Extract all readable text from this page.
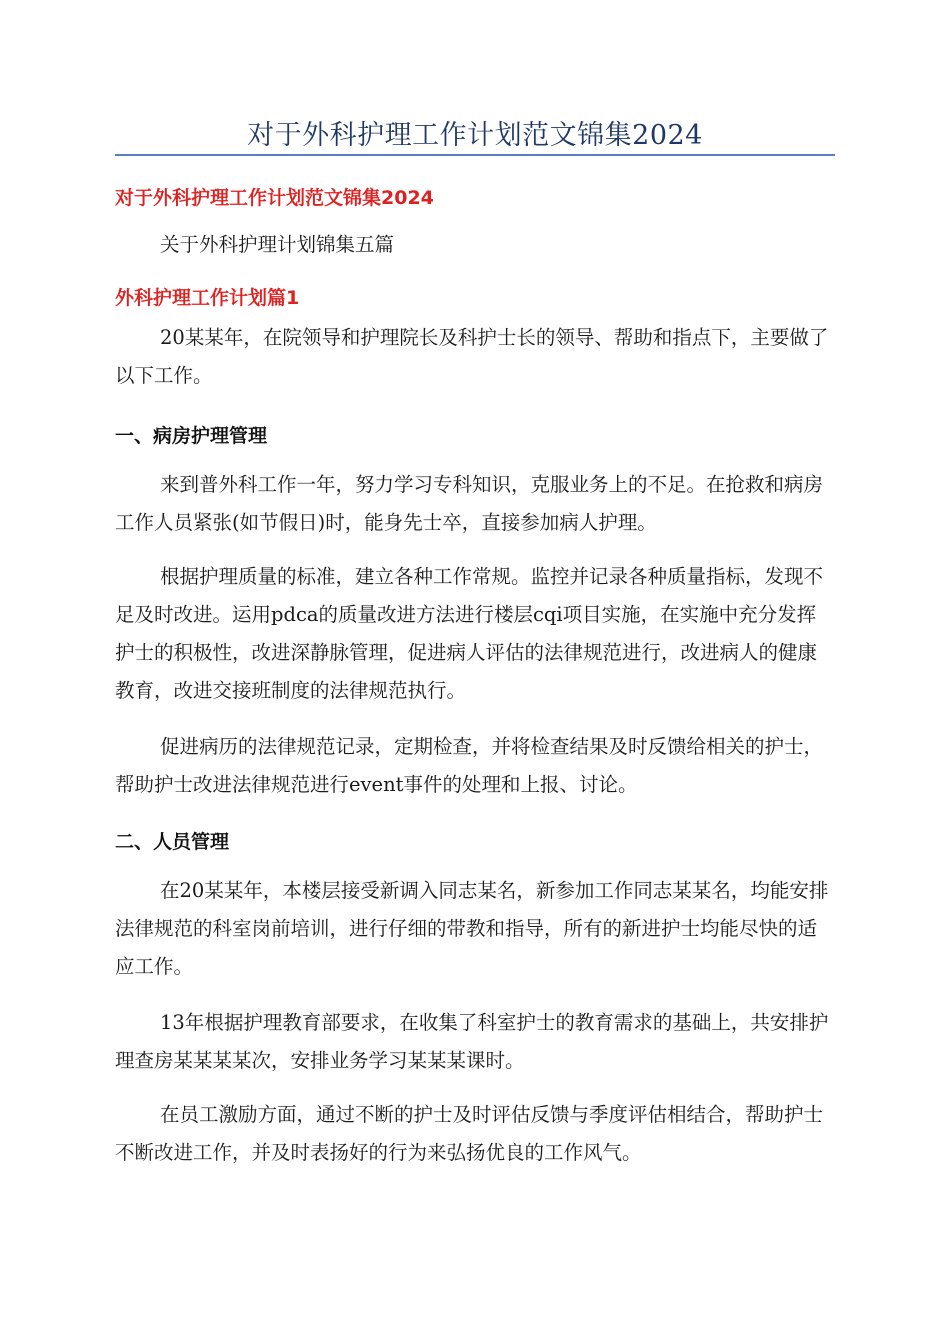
对于外科护理工作计划范文锦集2024
对于外科护理工作计划范文锦集2024
关于外科护理计划锦集五篇
外科护理工作计划篇1

20某某年，在院领导和护理院长及科护士长的领导、帮助和指点下，主要做了以下工作。

一、病房护理管理

来到普外科工作一年，努力学习专科知识，克服业务上的不足。在抢救和病房工作人员紧张(如节假日)时，能身先士卒，直接参加病人护理。

根据护理质量的标准，建立各种工作常规。监控并记录各种质量指标，发现不足及时改进。运用pdca的质量改进方法进行楼层cqi项目实施，在实施中充分发挥护士的积极性，改进深静脉管理，促进病人评估的法律规范进行，改进病人的健康教育，改进交接班制度的法律规范执行。

促进病历的法律规范记录，定期检查，并将检查结果及时反馈给相关的护士，帮助护士改进法律规范进行event事件的处理和上报、讨论。

二、人员管理

在20某某年，本楼层接受新调入同志某名，新参加工作同志某某名，均能安排法律规范的科室岗前培训，进行仔细的带教和指导，所有的新进护士均能尽快的适应工作。

13年根据护理教育部要求，在收集了科室护士的教育需求的基础上，共安排护理查房某某某某次，安排业务学习某某某课时。

在员工激励方面，通过不断的护士及时评估反馈与季度评估相结合，帮助护士不断改进工作，并及时表扬好的行为来弘扬优良的工作风气。
